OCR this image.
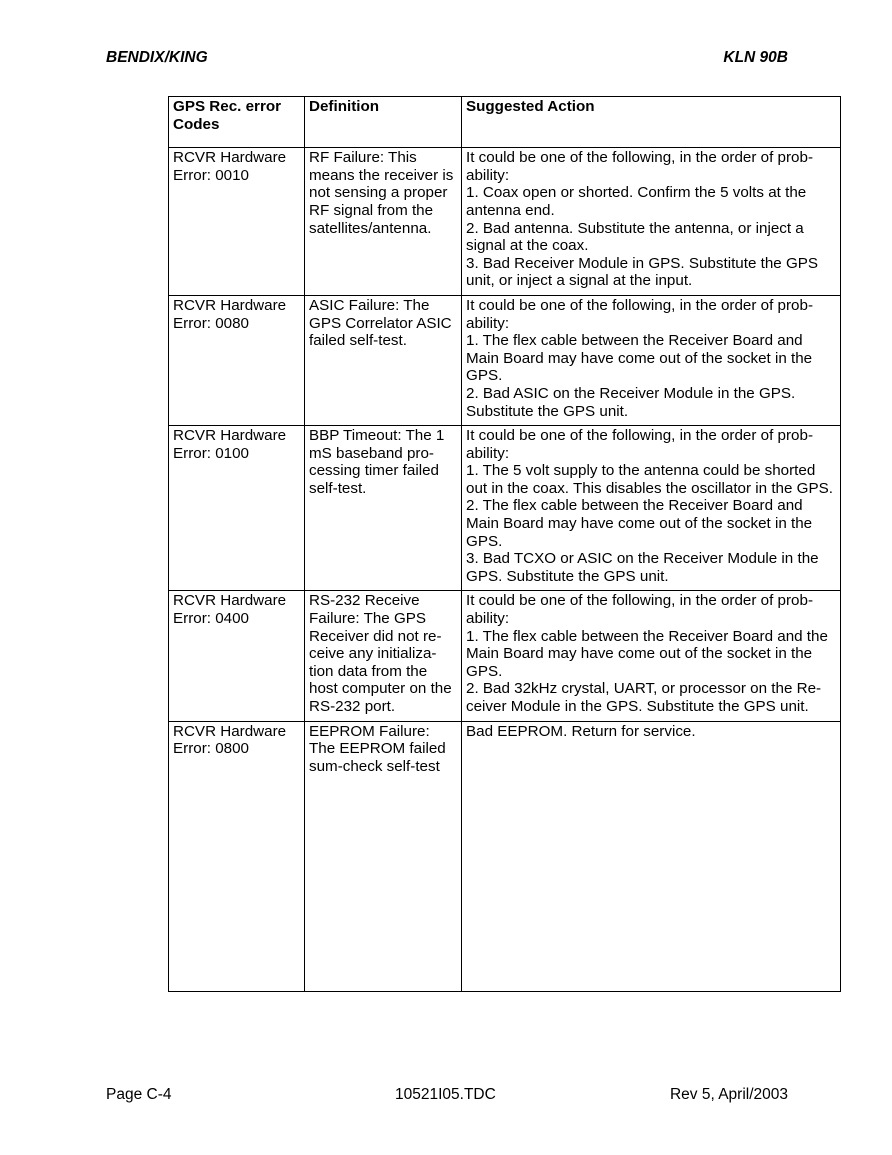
BENDIX/KING	KLN 90B
GPS Rec. error Codes	Definition	Suggested Action
RCVR Hardware Error: 0010	RF Failure: This means the receiver is not sensing a proper RF signal from the satellites/antenna.	It could be one of the following, in the order of prob-ability:
1. Coax open or shorted. Confirm the 5 volts at the antenna end.
2. Bad antenna. Substitute the antenna, or inject a signal at the coax.
3. Bad Receiver Module in GPS. Substitute the GPS unit, or inject a signal at the input.

RCVR Hardware Error: 0080	ASIC Failure: The GPS Correlator ASIC failed self-test.	It could be one of the following, in the order of prob-ability:
1. The flex cable between the Receiver Board and Main Board may have come out of the socket in the GPS.
2. Bad ASIC on the Receiver Module in the GPS. Substitute the GPS unit.

RCVR Hardware Error: 0100	BBP Timeout: The 1 mS baseband pro-cessing timer failed self-test.	It could be one of the following, in the order of prob-ability:
1. The 5 volt supply to the antenna could be shorted out in the coax. This disables the oscillator in the GPS.
2. The flex cable between the Receiver Board and Main Board may have come out of the socket in the GPS.
3. Bad TCXO or ASIC on the Receiver Module in the GPS. Substitute the GPS unit.

RCVR Hardware Error: 0400	RS-232 Receive Failure: The GPS Receiver did not re-ceive any initializa-tion data from the host computer on the RS-232 port.	It could be one of the following, in the order of prob-ability:
1. The flex cable between the Receiver Board and the Main Board may have come out of the socket in the GPS.
2. Bad 32kHz crystal, UART, or processor on the Re-ceiver Module in the GPS. Substitute the GPS unit.

RCVR Hardware Error: 0800	EEPROM Failure: The EEPROM failed sum-check self-test	Bad EEPROM. Return for service.
Page C-4	10521I05.TDC	Rev 5, April/2003
